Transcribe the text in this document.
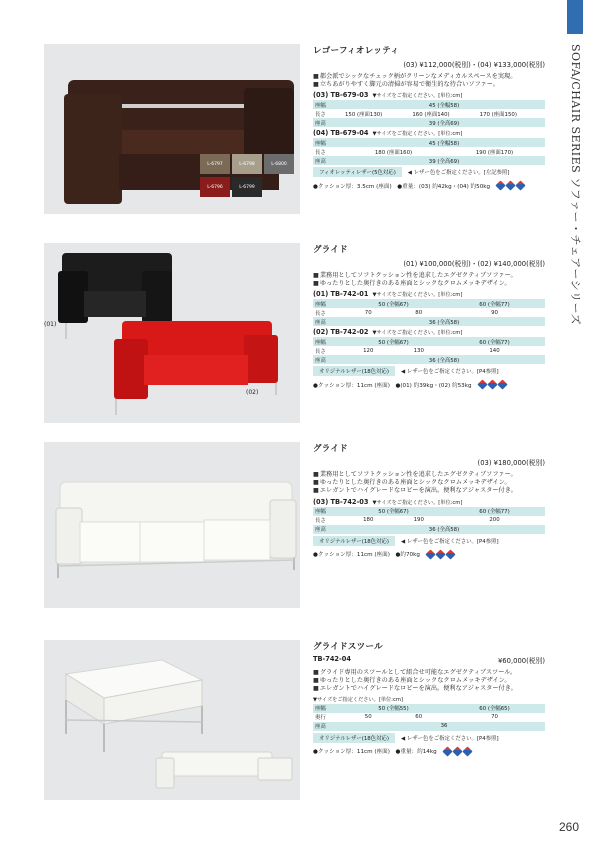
SOFA/CHAIR SERIES ソファー・チェアーシリーズ
260
L-6797	L-6798	L-6800
L-6796	L-6799
レゴーフィオレッティ
(03) ¥112,000(税別)・(04) ¥133,000(税別)
■ 都会派でシックなチェック柄がクリーンなメディカルスペースを実現。
■ 立ちあがりやすく脚元の清掃が容易で衛生的な待合いソファー。
(03) TB-679-03 ▼サイズをご指定ください。[単位:cm]
座幅	45 (全幅58)		
長さ	150 (座面130)	160 (座面140)	170 (座面150)
座高	39 (全高69)		
(04) TB-679-04 ▼サイズをご指定ください。[単位:cm]
座幅	45 (全幅58)	
長さ	180 (座面160)	190 (座面170)
座高	39 (全高69)	
フィオレッティレザー(5色対応)	◀ レザー色をご指定ください。[左記参照]
●クッション厚：3.5cm (座面)　●重量：(03) 約42kg・(04) 約50kg
(01)
(02)
グライド
(01) ¥100,000(税別)・(02) ¥140,000(税別)
■ 業務用としてソフトクッション性を追求したエグゼクティブソファー。
■ ゆったりとした奥行きのある座面とシックなクロムメッキデザイン。
(01) TB-742-01 ▼サイズをご指定ください。[単位:cm]
座幅	50 (全幅67)		60 (全幅77)
長さ	70	80	90
座高	36 (全高58)		
(02) TB-742-02 ▼サイズをご指定ください。[単位:cm]
座幅	50 (全幅67)		60 (全幅77)
長さ	120	130	140
座高	36 (全高58)		
オリジナルレザー(18色対応)	◀ レザー色をご指定ください。[P4参照]
●クッション厚：11cm (座面)　●(01) 約39kg・(02) 約53kg
グライド
(03) ¥180,000(税別)
■ 業務用としてソフトクッション性を追求したエグゼクティブソファー。
■ ゆったりとした奥行きのある座面とシックなクロムメッキデザイン。
■ エレガントでハイグレードなロビーを演出。便利なアジャスター付き。
(03) TB-742-03 ▼サイズをご指定ください。[単位:cm]
座幅	50 (全幅67)		60 (全幅77)
長さ	180	190	200
座高	36 (全高58)		
オリジナルレザー(18色対応)	◀ レザー色をご指定ください。[P4参照]
●クッション厚：11cm (座面)　●約70kg
グライドスツール
TB-742-04	¥60,000(税別)
■ グライド専用のスツールとして組合せ可能なエグゼクティブスツール。
■ ゆったりとした奥行きのある座面とシックなクロムメッキデザイン。
■ エレガントでハイグレードなロビーを演出。便利なアジャスター付き。
▼サイズをご指定ください。[単位:cm]
座幅	50 (全幅55)		60 (全幅65)
奥行	50	60	70
座高	36		
オリジナルレザー(18色対応)	◀ レザー色をご指定ください。[P4参照]
●クッション厚：11cm (座面)　●重量：約14kg
